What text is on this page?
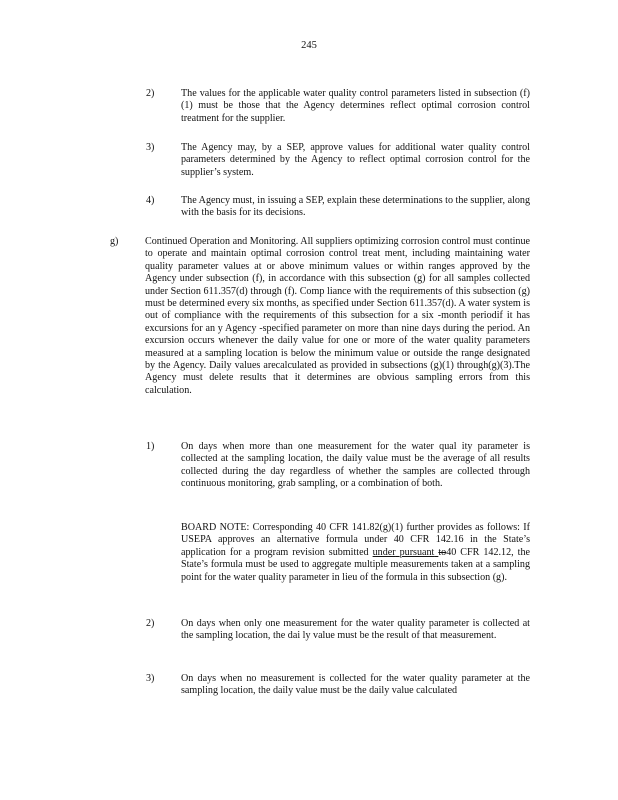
245
2)	The values for the applicable water quality control parameters listed in subsection (f)(1) must be those that the Agency determines reflect optimal corrosion control treatment for the supplier.

3)	The Agency may, by a SEP, approve values for additional water quality control parameters determined by the Agency to reflect optimal corrosion control for the supplier’s system.

4)	The Agency must, in issuing a SEP, explain these determinations to the supplier, along with the basis for its decisions.

g)	Continued Operation and Monitoring. All suppliers optimizing corrosion control must continue to operate and maintain optimal corrosion control treat ment, including maintaining water quality parameter values at or above minimum values or within ranges approved by the Agency under subsection (f), in accordance with this subsection (g) for all samples collected under Section 611.357(d) through (f). Comp liance with the requirements of this subsection (g) must be determined every six months, as specified under Section 611.357(d). A water system is out of compliance with the requirements of this subsection for a six -month periodif it has excursions for an y Agency -specified parameter on more than nine days during the period. An excursion occurs whenever the daily value for one or more of the water quality parameters measured at a sampling location is below the minimum value or outside the range designated by the Agency. Daily values arecalculated as provided in subsections (g)(1) through(g)(3).The Agency must delete results that it determines are obvious sampling errors from this calculation.

1)	On days when more than one measurement for the water qual ity parameter is collected at the sampling location, the daily value must be the average of all results collected during the day regardless of whether the samples are collected through continuous monitoring, grab sampling, or a combination of both.

BOARD NOTE: Corresponding 40 CFR 141.82(g)(1) further provides as follows: If USEPA approves an alternative formula under 40 CFR 142.16 in the State’s application for a program revision submitted under pursuant to40 CFR 142.12, the State’s formula must be used to aggregate multiple measurements taken at a sampling point for the water quality parameter in lieu of the formula in this subsection (g).

2)	On days when only one measurement for the water quality parameter is collected at the sampling location, the dai ly value must be the result of that measurement.

3)	On days when no measurement is collected for the water quality parameter at the sampling location, the daily value must be the daily value calculated
